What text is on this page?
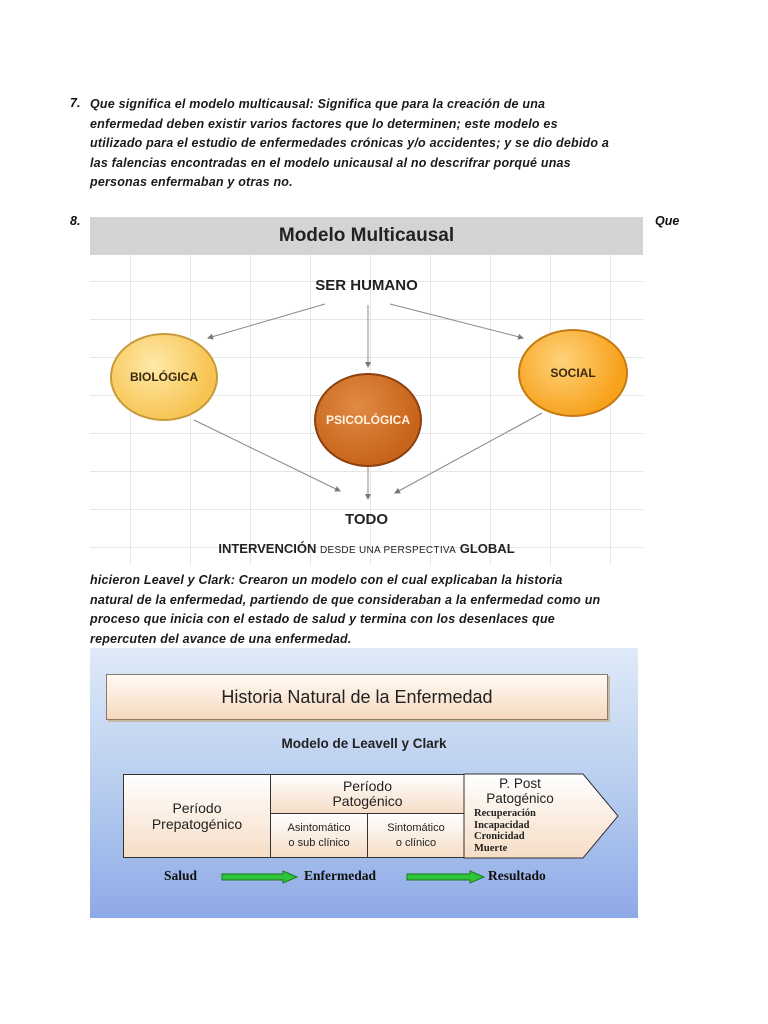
7. Que significa el modelo multicausal: Significa que para la creación de una
enfermedad deben existir varios factores que lo determinen; este modelo es
utilizado para el estudio de enfermedades crónicas y/o accidentes; y se dio debido a
las falencias encontradas en el modelo unicausal al no descrifrar porqué unas
personas enfermaban y otras no.
8.	Que
Modelo Multicausal
SER HUMANO
BIOLÓGICA
PSICOLÓGICA
SOCIAL
TODO
INTERVENCIÓN DESDE UNA PERSPECTIVA GLOBAL
hicieron Leavel y Clark: Crearon un modelo con el cual explicaban la historia
natural de la enfermedad, partiendo de que consideraban a la enfermedad como un
proceso que inicia con el estado de salud y termina con los desenlaces que
repercuten del avance de una enfermedad.
Historia Natural de la Enfermedad
Modelo de Leavell y Clark
Período
Prepatogénico
Período
Patogénico
Asintomático
o sub clínico
Sintomático
o clínico
P. Post
Patogénico
Recuperación
Incapacidad
Cronicidad
Muerte
Salud	Enfermedad	Resultado
